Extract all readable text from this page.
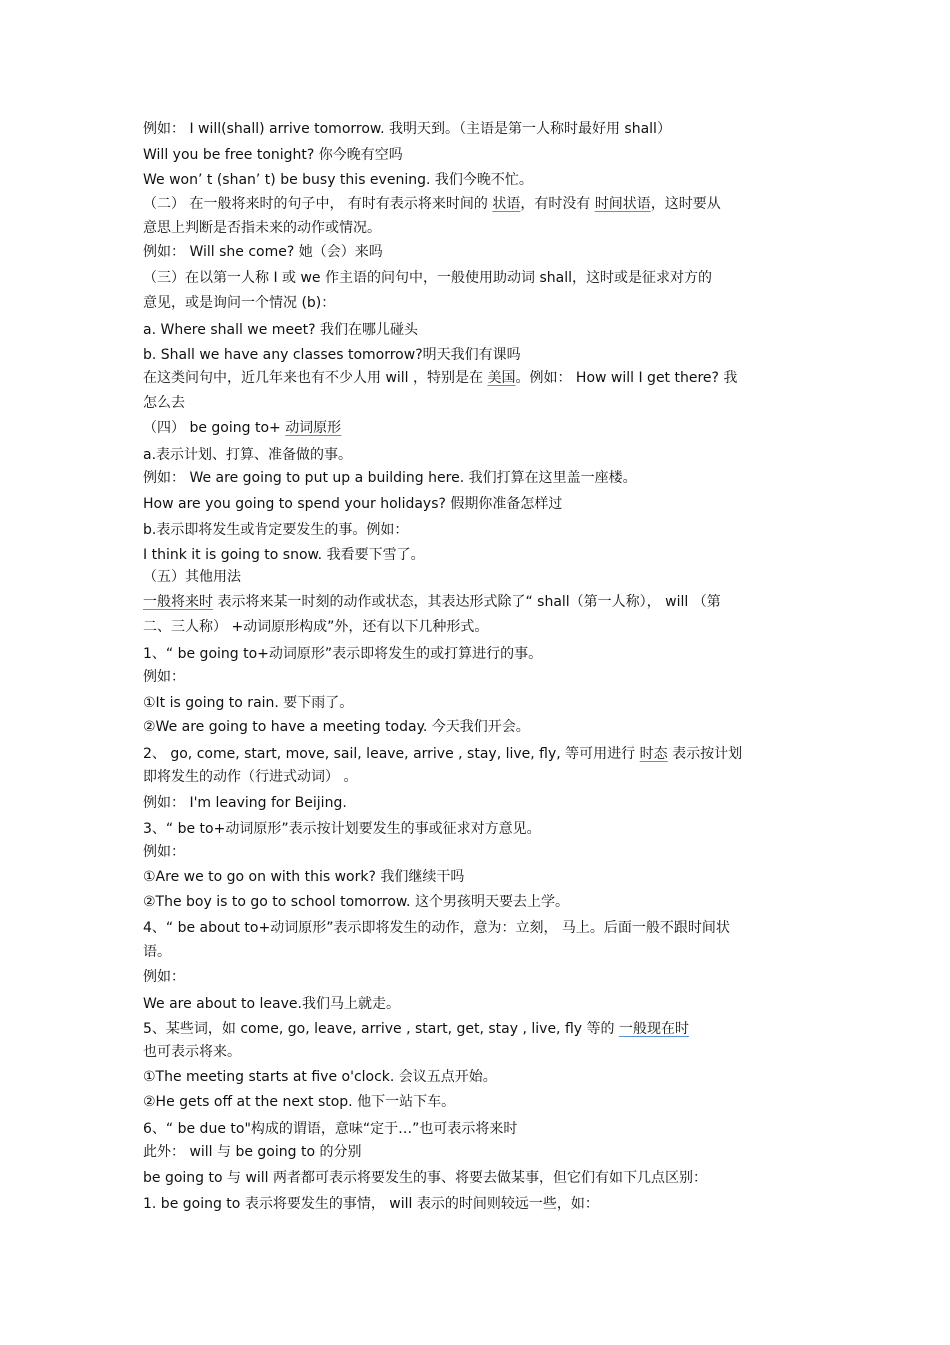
例如： I will(shall) arrive tomorrow. 我明天到。（主语是第一人称时最好用 shall）
Will you be free tonight? 你今晚有空吗
We won’ t (shan’ t) be busy this evening. 我们今晚不忙。
（二） 在一般将来时的句子中， 有时有表示将来时间的 状语，有时没有 时间状语，这时要从
意思上判断是否指未来的动作或情况。
例如： Will she come? 她（会）来吗
（三）在以第一人称 I 或 we 作主语的问句中，一般使用助动词 shall，这时或是征求对方的
意见，或是询问一个情况 (b)：
a. Where shall we meet? 我们在哪儿碰头
b. Shall we have any classes tomorrow?明天我们有课吗
在这类问句中，近几年来也有不少人用 will ，特别是在 美国。例如： How will I get there? 我
怎么去
（四） be going to+ 动词原形
a.表示计划、打算、准备做的事。
例如： We are going to put up a building here. 我们打算在这里盖一座楼。
How are you going to spend your holidays? 假期你准备怎样过
b.表示即将发生或肯定要发生的事。例如：
I think it is going to snow. 我看要下雪了。
（五）其他用法
一般将来时 表示将来某一时刻的动作或状态，其表达形式除了“ shall（第一人称）， will （第
二、三人称） +动词原形构成”外，还有以下几种形式。
1、“ be going to+动词原形”表示即将发生的或打算进行的事。
例如：
①It is going to rain. 要下雨了。
②We are going to have a meeting today. 今天我们开会。
2、 go, come, start, move, sail, leave, arrive , stay, live, fly, 等可用进行 时态 表示按计划
即将发生的动作（行进式动词） 。
例如： I'm leaving for Beijing.
3、“ be to+动词原形”表示按计划要发生的事或征求对方意见。
例如：
①Are we to go on with this work? 我们继续干吗
②The boy is to go to school tomorrow. 这个男孩明天要去上学。
4、“ be about to+动词原形”表示即将发生的动作，意为：立刻， 马上。后面一般不跟时间状
语。
例如：
We are about to leave.我们马上就走。
5、某些词，如 come, go, leave, arrive , start, get, stay , live, fly 等的 一般现在时
也可表示将来。
①The meeting starts at five o'clock. 会议五点开始。
②He gets off at the next stop. 他下一站下车。
6、“ be due to"构成的谓语，意味“定于…”也可表示将来时
此外： will 与 be going to 的分别
be going to 与 will 两者都可表示将要发生的事、将要去做某事，但它们有如下几点区别：
1. be going to 表示将要发生的事情， will 表示的时间则较远一些，如：
